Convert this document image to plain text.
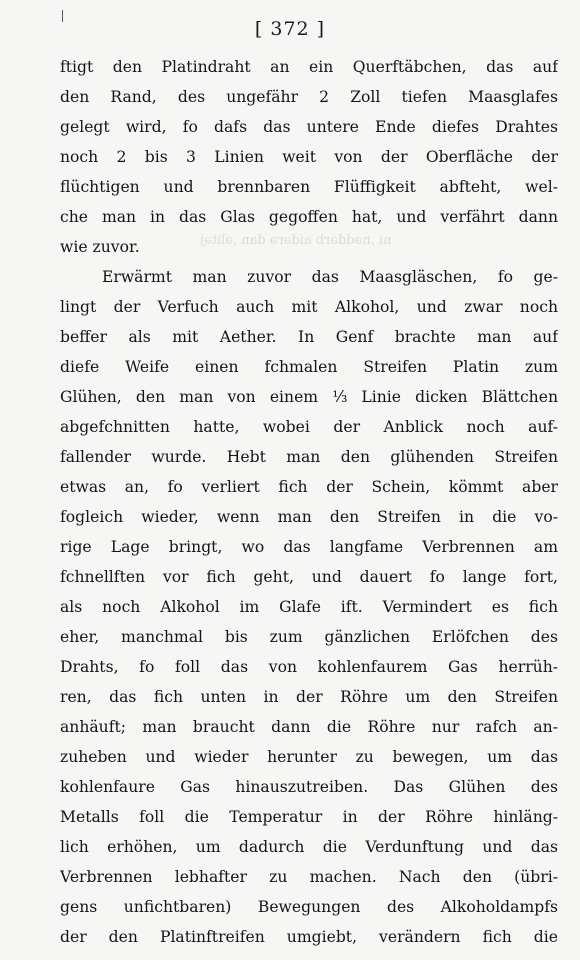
[ 372 ]
ni ,nəddərb aidərə dan ,əlitəj
ftigt den Platindraht an ein Querftäbchen, das auf
den Rand, des ungefähr 2 Zoll tiefen Maasglafes
gelegt wird, fo dafs das untere Ende diefes Drahtes
noch 2 bis 3 Linien weit von der Oberfläche der
flüchtigen und brennbaren Flüffigkeit abfteht, wel-
che man in das Glas gegoffen hat, und verfährt dann
wie zuvor.
Erwärmt man zuvor das Maasgläschen, fo ge-
lingt der Verfuch auch mit Alkohol, und zwar noch
beffer als mit Aether. In Genf brachte man auf
diefe Weife einen fchmalen Streifen Platin zum
Glühen, den man von einem ⅓ Linie dicken Blättchen
abgefchnitten hatte, wobei der Anblick noch auf-
fallender wurde. Hebt man den glühenden Streifen
etwas an, fo verliert fich der Schein, kömmt aber
fogleich wieder, wenn man den Streifen in die vo-
rige Lage bringt, wo das langfame Verbrennen am
fchnellften vor fich geht, und dauert fo lange fort,
als noch Alkohol im Glafe ift. Vermindert es fich
eher, manchmal bis zum gänzlichen Erlöfchen des
Drahts, fo foll das von kohlenfaurem Gas herrüh-
ren, das fich unten in der Röhre um den Streifen
anhäuft; man braucht dann die Röhre nur rafch an-
zuheben und wieder herunter zu bewegen, um das
kohlenfaure Gas hinauszutreiben. Das Glühen des
Metalls foll die Temperatur in der Röhre hinläng-
lich erhöhen, um dadurch die Verdunftung und das
Verbrennen lebhafter zu machen. Nach den (übri-
gens unfichtbaren) Bewegungen des Alkoholdampfs
der den Platinftreifen umgiebt, verändern fich die
